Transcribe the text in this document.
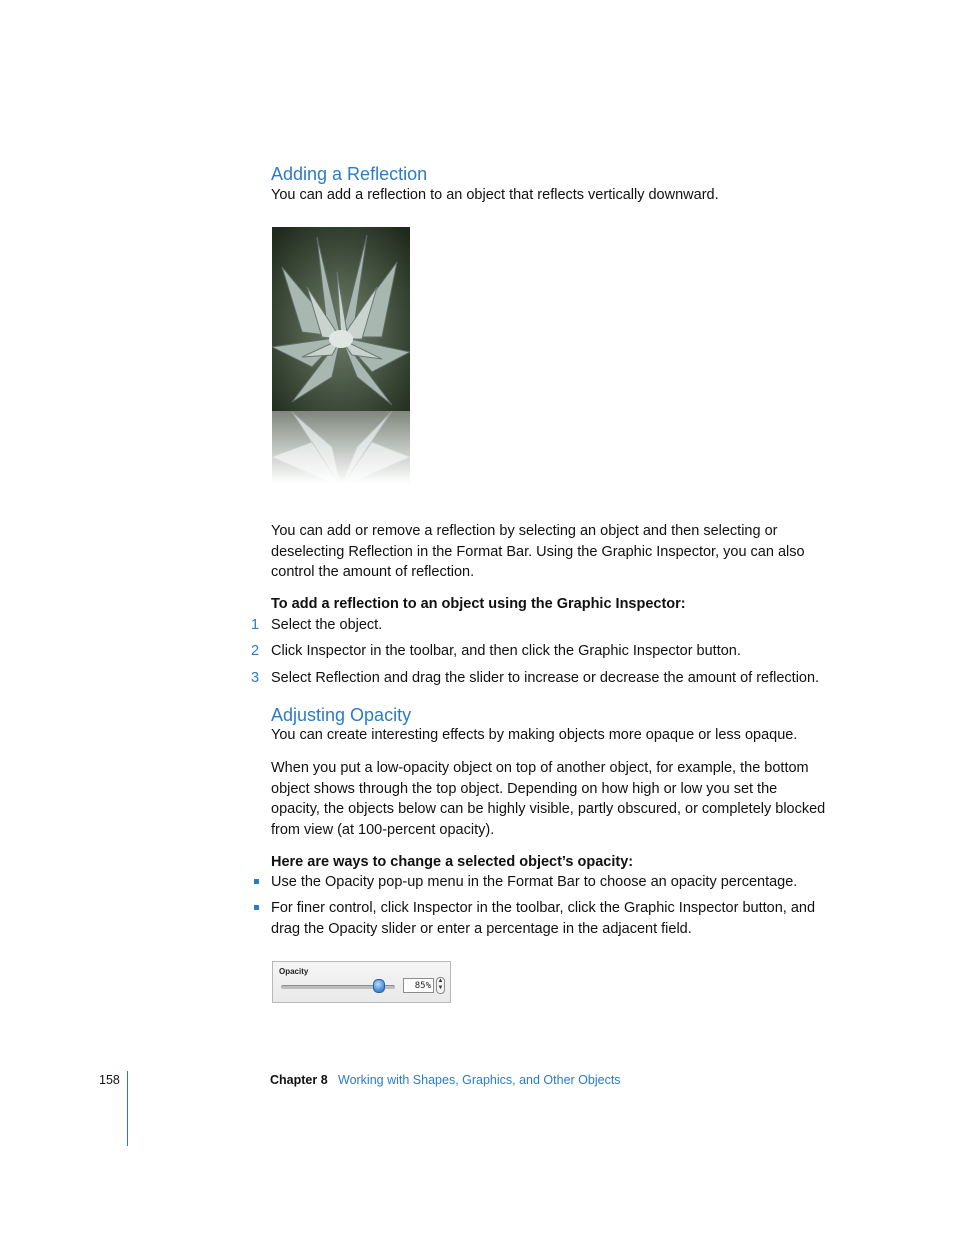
Adding a Reflection
You can add a reflection to an object that reflects vertically downward.
You can add or remove a reflection by selecting an object and then selecting or
deselecting Reflection in the Format Bar. Using the Graphic Inspector, you can also
control the amount of reflection.
To add a reflection to an object using the Graphic Inspector:
1 Select the object.
2 Click Inspector in the toolbar, and then click the Graphic Inspector button.
3 Select Reflection and drag the slider to increase or decrease the amount of reflection.
Adjusting Opacity
You can create interesting effects by making objects more opaque or less opaque.
When you put a low-opacity object on top of another object, for example, the bottom
object shows through the top object. Depending on how high or low you set the
opacity, the objects below can be highly visible, partly obscured, or completely blocked
from view (at 100-percent opacity).
Here are ways to change a selected object’s opacity:
Use the Opacity pop-up menu in the Format Bar to choose an opacity percentage.
For finer control, click Inspector in the toolbar, click the Graphic Inspector button, and
drag the Opacity slider or enter a percentage in the adjacent field.
Opacity
85%	▲
▼
158	Chapter 8 Working with Shapes, Graphics, and Other Objects
